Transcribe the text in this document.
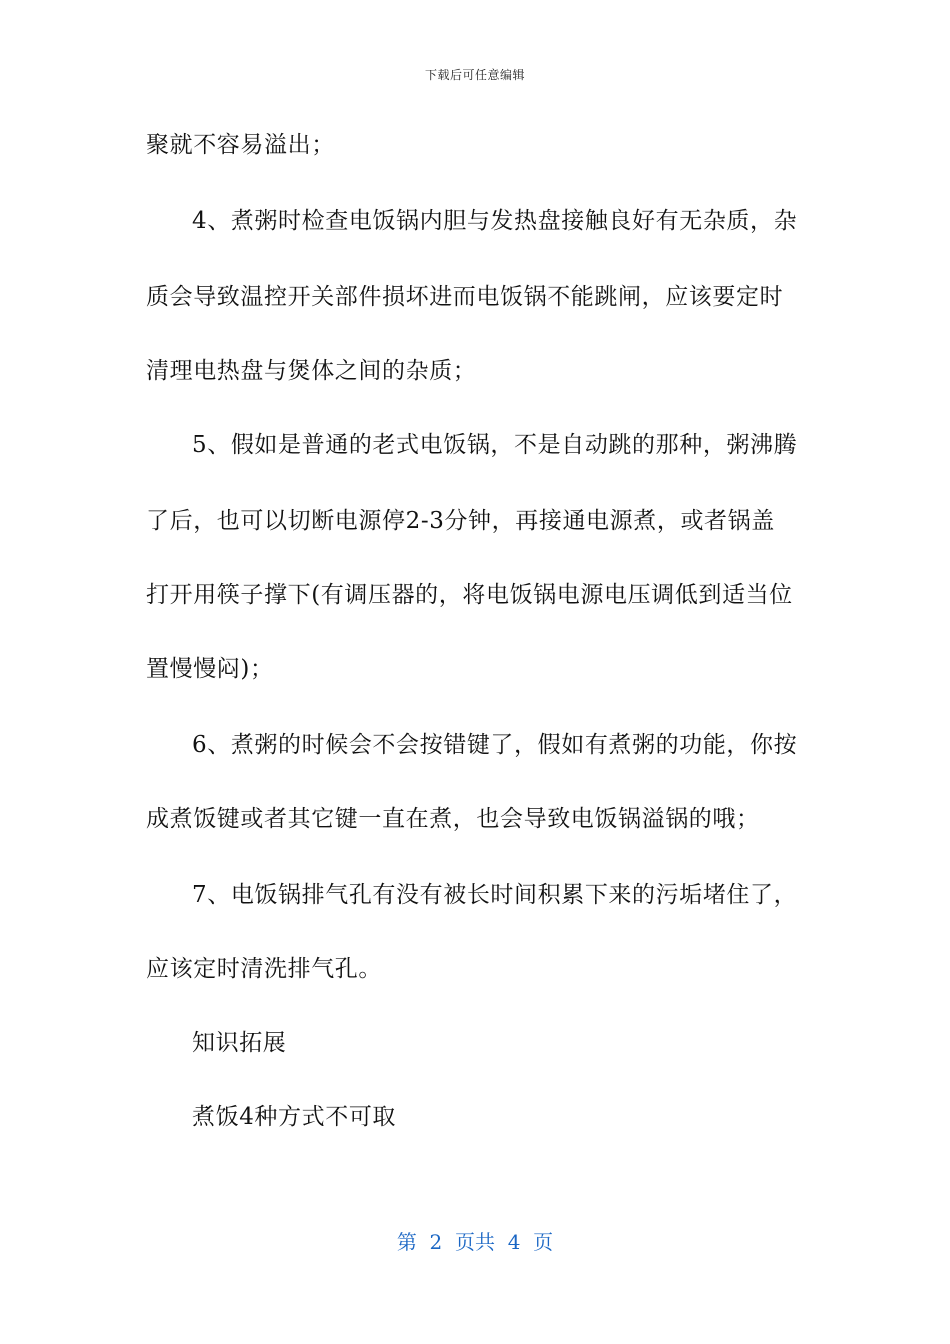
下载后可任意编辑
聚就不容易溢出；
4、煮粥时检查电饭锅内胆与发热盘接触良好有无杂质，杂
质会导致温控开关部件损坏进而电饭锅不能跳闸，应该要定时
清理电热盘与煲体之间的杂质；
5、假如是普通的老式电饭锅，不是自动跳的那种，粥沸腾
了后，也可以切断电源停2-3分钟，再接通电源煮，或者锅盖
打开用筷子撑下(有调压器的，将电饭锅电源电压调低到适当位
置慢慢闷)；
6、煮粥的时候会不会按错键了，假如有煮粥的功能，你按
成煮饭键或者其它键一直在煮，也会导致电饭锅溢锅的哦；
7、电饭锅排气孔有没有被长时间积累下来的污垢堵住了，
应该定时清洗排气孔。
知识拓展
煮饭4种方式不可取
第  2  页共  4  页
